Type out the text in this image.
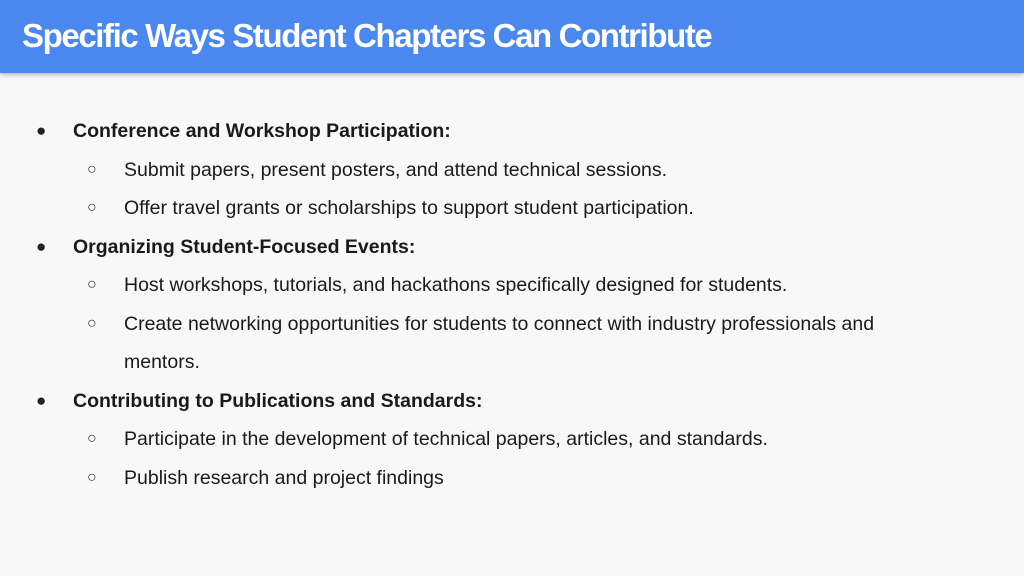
Specific Ways Student Chapters Can Contribute
● Conference and Workshop Participation:
○ Submit papers, present posters, and attend technical sessions.
○ Offer travel grants or scholarships to support student participation.
● Organizing Student-Focused Events:
○ Host workshops, tutorials, and hackathons specifically designed for students.
○ Create networking opportunities for students to connect with industry professionals and
mentors.
● Contributing to Publications and Standards:
○ Participate in the development of technical papers, articles, and standards.
○ Publish research and project findings
